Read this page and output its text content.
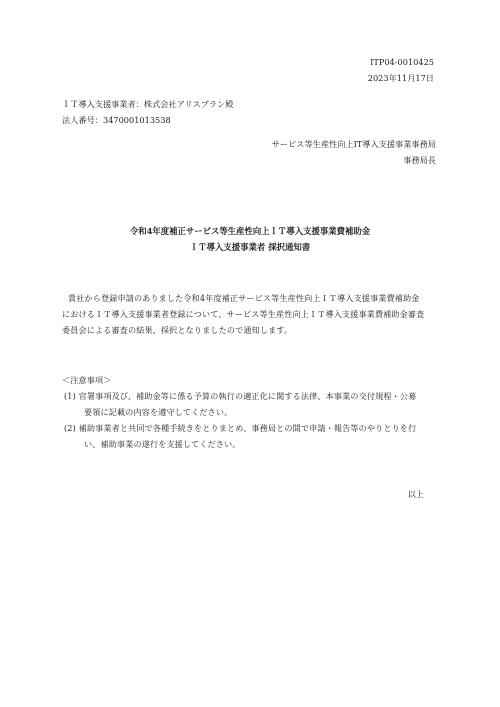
ITP04-0010425
2023年11月17日
ＩＴ導入支援事業者：株式会社アリスプラン殿
法人番号：3470001013538
サービス等生産性向上IT導入支援事業事務局
事務局長
令和4年度補正サービス等生産性向上ＩＴ導入支援事業費補助金
ＩＴ導入支援事業者 採択通知書
貴社から登録申請のありました令和4年度補正サービス等生産性向上ＩＴ導入支援事業費補助金
におけるＩＴ導入支援事業者登録について、サービス等生産性向上ＩＴ導入支援事業費補助金審査
委員会による審査の結果、採択となりましたので通知します。
＜注意事項＞
(1) 官署事項及び、補助金等に係る予算の執行の適正化に関する法律、本事業の交付規程・公募
要領に記載の内容を遵守してください。
(2) 補助事業者と共同で各種手続きをとりまとめ、事務局との間で申請・報告等のやりとりを行
い、補助事業の遂行を支援してください。
以上
